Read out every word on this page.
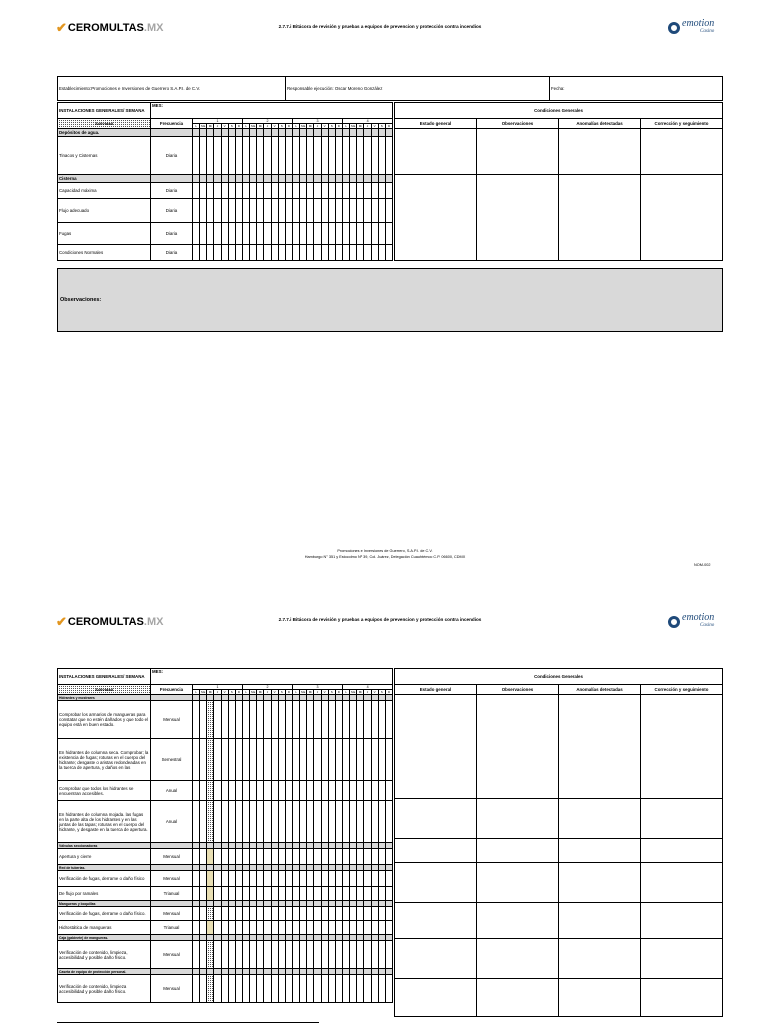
✔ CEROMULTAS .MX	2.7.7.i Bitácora de revisión y pruebas a equipos de prevencion y protección contra incendios	emotion
Casino
Establecimiento:Promociones e Inversiones de Guerrero S.A.P.I. de C.V.	Responsable ejecución: Oscar Moreno González	Fecha:
INSTALACIONES GENERALES/ SEMANA	MES:																												
Actividad	Frecuencia	1							2							3							4						
		L	Ma	Mi	J	V	S	D	L	Ma	Mi	J	V	S	D	L	Ma	Mi	J	V	S	D	L	Ma	Mi	J	V	S	D
Depósitos de agua.																													
Tinacos y Cisternas	Diaria																												
Cisterna																													
Capacidad máxima	Diaria																												
Flujo adecuado	Diaria																												
Fugas	Diaria																												
Condiciones Normales	Diaria																												
Condiciones Generales			
Estado general	Observaciones	Anomalías detectadas	Corrección y seguimiento

Observaciones:
Promociones e Inversiones de Guerrero, S.A.P.I. de C.V.
Hamburgo N° 351 y Estocolmo Nº 39, Col. Juárez, Delegación Cuauhtémoc C.P. 06600, CDMX
NOM-002
✔ CEROMULTAS .MX	2.7.7.i Bitácora de revisión y pruebas a equipos de prevencion y protección contra incendios	emotion
Casino
INSTALACIONES GENERALES/ SEMANA	MES:																												
Actividad	Frecuencia	1							2							3							4						
		L	Ma	Mi	J	V	S	D	L	Ma	Mi	J	V	S	D	L	Ma	Mi	J	V	S	D	L	Ma	Mi	J	V	S	D
Hidrantes y mostrares																													
Comprobar los armarios de mangueras para constatar que no estén dañados y que todo el equipo está en buen estado.	Mensual																												
En hidrantes de columna seca. Comprobar; la existencia de fugas; roturas en el cuerpo del hidrante; desgaste o aristas redondeadas en la tuerca de apertura, y daños en las	Semestral																												
Comprobar que todos los hidrantes se encuentran accesibles.	Anual																												
En hidrantes de columna mojada. las fugas en la parte alta de los hidrantes y en las juntas de las tapas; roturas en el cuerpo del hidrante, y desgaste en la tuerca de apertura.	Anual																												
Válvulas seccionadoras																													
Apertura y cierre	Mensual																												
Red de tuberías.																													
Verificación de fugas, derrame o daño físico	Mensual																												
De flujo por ramales	Trianual																												
Mangueras y boquillas																													
Verificación de fugas, derrame o daño físico.	Mensual																												
Hidrostática de mangueras	Trianual																												
Caja (gabinete) de mangueras.																													
Verificación de contenido, limpieza, accesibilidad y posible daño físico.	Mensual																												
Caseta de equipo de protección personal.																													
Verificación de contenido, limpieza accesibilidad y posible daño físico.	Mensual																												
Condiciones Generales			
Estado general	Observaciones	Anomalías detectadas	Corrección y seguimiento
